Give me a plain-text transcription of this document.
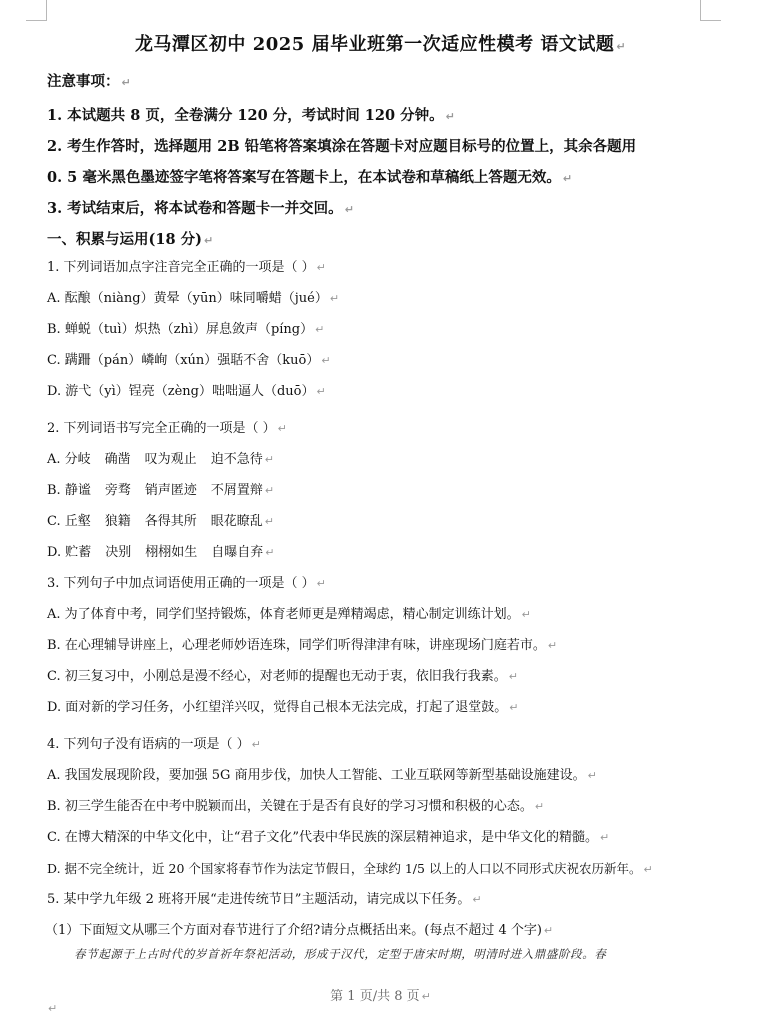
龙马潭区初中 2025 届毕业班第一次适应性模考 语文试题 ↵
注意事项： ↵
1. 本试题共 8 页，全卷满分 120 分，考试时间 120 分钟。 ↵
2. 考生作答时，选择题用 2B 铅笔将答案填涂在答题卡对应题目标号的位置上，其余各题用
0. 5 毫米黑色墨迹签字笔将答案写在答题卡上，在本试卷和草稿纸上答题无效。 ↵
3. 考试结束后，将本试卷和答题卡一并交回。 ↵
一、积累与运用(18 分) ↵
1. 下列词语加点字注音完全正确的一项是（ ） ↵
A. 酝酿（niàng）黄晕（yūn）味同嚼蜡（jué） ↵
B. 蝉蜕（tuì）炽热（zhì）屏息敛声（píng） ↵
C. 蹒跚（pán）嶙峋（xún）强聒不舍（kuō） ↵
D. 游弋（yì）锃亮（zèng）咄咄逼人（duō） ↵
2. 下列词语书写完全正确的一项是（ ） ↵
A. 分岐 确凿 叹为观止 迫不急待 ↵
B. 静谧 旁骛 销声匿迹 不屑置辩 ↵
C. 丘壑 狼籍 各得其所 眼花瞭乱 ↵
D. 贮蓄 决别 栩栩如生 自曝自弃 ↵
3. 下列句子中加点词语使用正确的一项是（ ） ↵
A. 为了体育中考，同学们坚持锻炼，体育老师更是殚精竭虑，精心制定训练计划。 ↵
B. 在心理辅导讲座上，心理老师妙语连珠，同学们听得津津有味，讲座现场门庭若市。 ↵
C. 初三复习中，小刚总是漫不经心，对老师的提醒也无动于衷，依旧我行我素。 ↵
D. 面对新的学习任务，小红望洋兴叹，觉得自己根本无法完成，打起了退堂鼓。 ↵
4. 下列句子没有语病的一项是（ ） ↵
A. 我国发展现阶段，要加强 5G 商用步伐，加快人工智能、工业互联网等新型基础设施建设。 ↵
B. 初三学生能否在中考中脱颖而出，关键在于是否有良好的学习习惯和积极的心态。 ↵
C. 在博大精深的中华文化中，让“君子文化”代表中华民族的深层精神追求，是中华文化的精髓。 ↵
D. 据不完全统计，近 20 个国家将春节作为法定节假日，全球约 1/5 以上的人口以不同形式庆祝农历新年。 ↵
5. 某中学九年级 2 班将开展“走进传统节日”主题活动，请完成以下任务。 ↵
（1）下面短文从哪三个方面对春节进行了介绍?请分点概括出来。(每点不超过 4 个字) ↵
春节起源于上古时代的岁首祈年祭祀活动，形成于汉代，定型于唐宋时期，明清时进入鼎盛阶段。春
第 1 页/共 8 页 ↵
↵
